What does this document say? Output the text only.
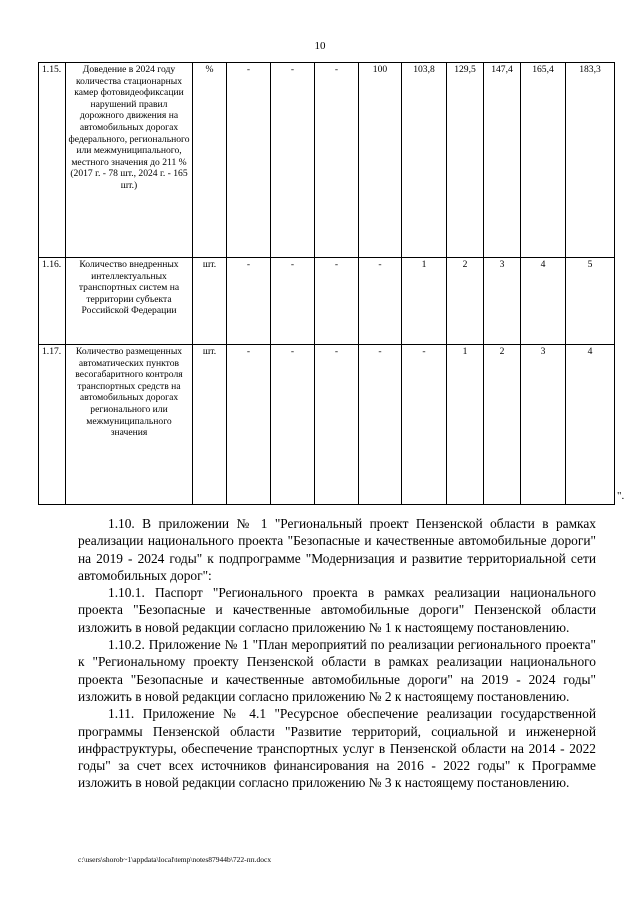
10
1.15.	Доведение в 2024 году количества стационарных камер фотовидеофиксации нарушений правил дорожного движения на автомобильных дорогах федерального, регионального или межмуниципального, местного значения до 211 % (2017 г. - 78 шт., 2024 г. - 165 шт.)	%	-	-	-	100	103,8	129,5	147,4	165,4	183,3
1.16.	Количество внедренных интеллектуальных транспортных систем на территории субъекта Российской Федерации	шт.	-	-	-	-	1	2	3	4	5
1.17.	Количество размещенных автоматических пунктов весогабаритного контроля транспортных средств на автомобильных дорогах регионального или межмуниципального значения	шт.	-	-	-	-	-	1	2	3	4
".

1.10. В приложении № 1 "Региональный проект Пензенской области в рамках реализации национального проекта "Безопасные и качественные автомобильные дороги" на 2019 - 2024 годы" к подпрограмме "Модернизация и развитие территориальной сети автомобильных дорог":

1.10.1. Паспорт "Регионального проекта в рамках реализации национального проекта "Безопасные и качественные автомобильные дороги" Пензенской области изложить в новой редакции согласно приложению № 1 к настоящему постановлению.

1.10.2. Приложение № 1 "План мероприятий по реализации регионального проекта" к "Региональному проекту Пензенской области в рамках реализации национального проекта "Безопасные и качественные автомобильные дороги" на 2019 - 2024 годы" изложить в новой редакции согласно приложению № 2 к настоящему постановлению.

1.11. Приложение № 4.1 "Ресурсное обеспечение реализации государственной программы Пензенской области "Развитие территорий, социальной и инженерной инфраструктуры, обеспечение транспортных услуг в Пензенской области на 2014 - 2022 годы" за счет всех источников финансирования на 2016 - 2022 годы" к Программе изложить в новой редакции согласно приложению № 3 к настоящему постановлению.

c:\users\shorob~1\appdata\local\temp\notes87944b\722-пп.docx
